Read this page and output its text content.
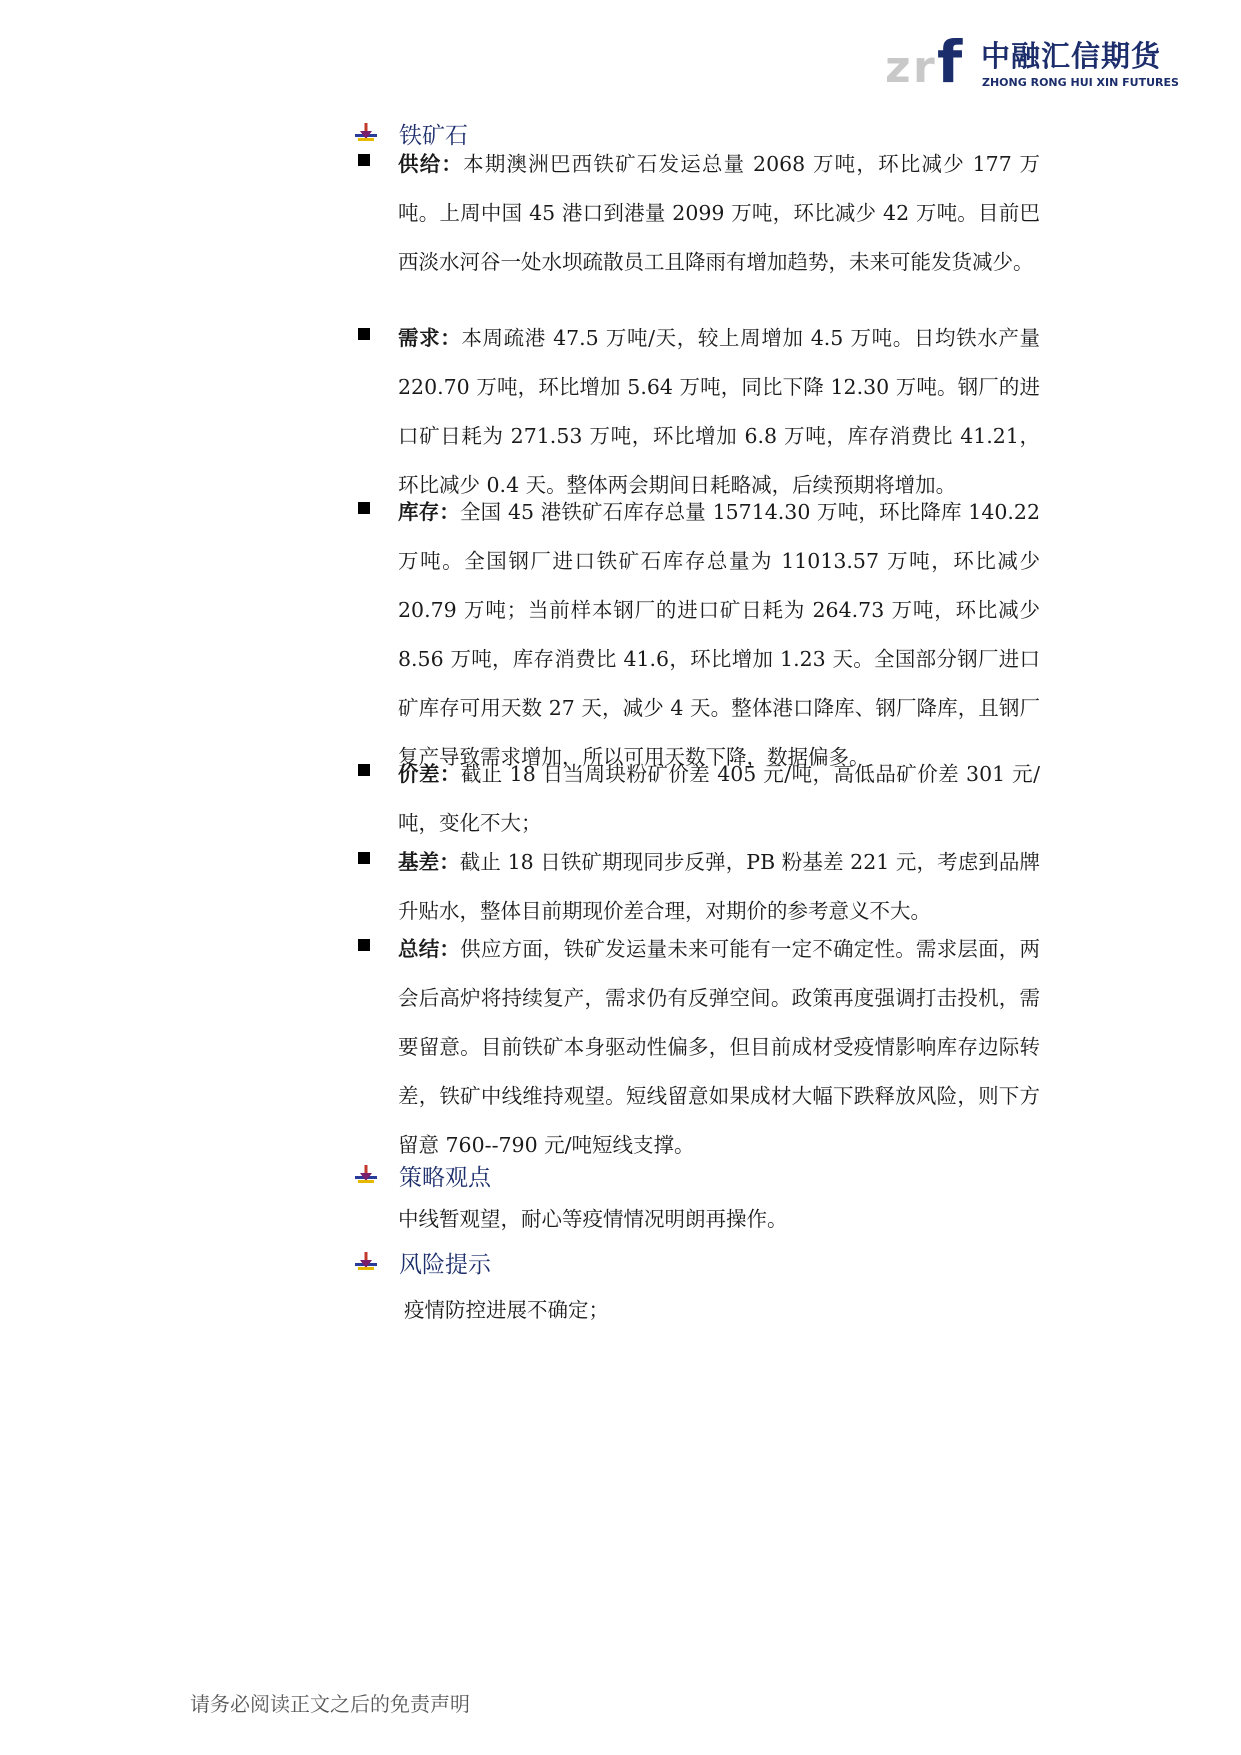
z r f 中融汇信期货
ZHONG RONG HUI XIN FUTURES
铁矿石
供给：本期澳洲巴西铁矿石发运总量 2068 万吨，环比减少 177 万吨。上周中国 45 港口到港量 2099 万吨，环比减少 42 万吨。目前巴西淡水河谷一处水坝疏散员工且降雨有增加趋势，未来可能发货减少。
需求：本周疏港 47.5 万吨/天，较上周增加 4.5 万吨。日均铁水产量 220.70 万吨，环比增加 5.64 万吨，同比下降 12.30 万吨。钢厂的进口矿日耗为 271.53 万吨，环比增加 6.8 万吨，库存消费比 41.21，环比减少 0.4 天。整体两会期间日耗略减，后续预期将增加。
库存：全国 45 港铁矿石库存总量 15714.30 万吨，环比降库 140.22 万吨。全国钢厂进口铁矿石库存总量为 11013.57 万吨，环比减少 20.79 万吨；当前样本钢厂的进口矿日耗为 264.73 万吨，环比减少 8.56 万吨，库存消费比 41.6，环比增加 1.23 天。全国部分钢厂进口矿库存可用天数 27 天，减少 4 天。整体港口降库、钢厂降库，且钢厂复产导致需求增加，所以可用天数下降，数据偏多。
价差：截止 18 日当周块粉矿价差 405 元/吨，高低品矿价差 301 元/吨，变化不大；
基差：截止 18 日铁矿期现同步反弹，PB 粉基差 221 元，考虑到品牌升贴水，整体目前期现价差合理，对期价的参考意义不大。
总结：供应方面，铁矿发运量未来可能有一定不确定性。需求层面，两会后高炉将持续复产，需求仍有反弹空间。政策再度强调打击投机，需要留意。目前铁矿本身驱动性偏多，但目前成材受疫情影响库存边际转差，铁矿中线维持观望。短线留意如果成材大幅下跌释放风险，则下方留意 760--790 元/吨短线支撑。
策略观点
中线暂观望，耐心等疫情情况明朗再操作。
风险提示
疫情防控进展不确定；
请务必阅读正文之后的免责声明
